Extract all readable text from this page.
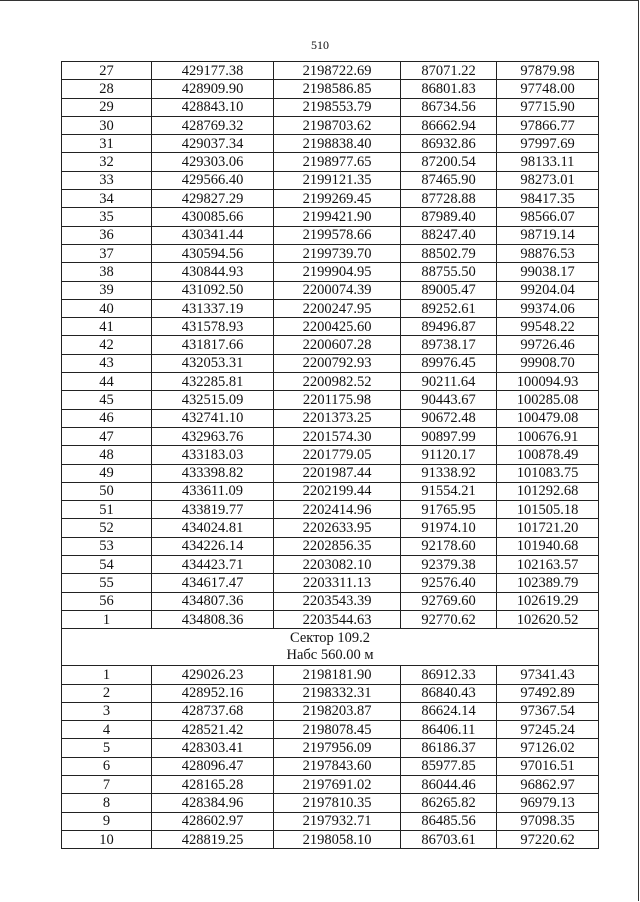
510
27	429177.38	2198722.69	87071.22	97879.98
28	428909.90	2198586.85	86801.83	97748.00
29	428843.10	2198553.79	86734.56	97715.90
30	428769.32	2198703.62	86662.94	97866.77
31	429037.34	2198838.40	86932.86	97997.69
32	429303.06	2198977.65	87200.54	98133.11
33	429566.40	2199121.35	87465.90	98273.01
34	429827.29	2199269.45	87728.88	98417.35
35	430085.66	2199421.90	87989.40	98566.07
36	430341.44	2199578.66	88247.40	98719.14
37	430594.56	2199739.70	88502.79	98876.53
38	430844.93	2199904.95	88755.50	99038.17
39	431092.50	2200074.39	89005.47	99204.04
40	431337.19	2200247.95	89252.61	99374.06
41	431578.93	2200425.60	89496.87	99548.22
42	431817.66	2200607.28	89738.17	99726.46
43	432053.31	2200792.93	89976.45	99908.70
44	432285.81	2200982.52	90211.64	100094.93
45	432515.09	2201175.98	90443.67	100285.08
46	432741.10	2201373.25	90672.48	100479.08
47	432963.76	2201574.30	90897.99	100676.91
48	433183.03	2201779.05	91120.17	100878.49
49	433398.82	2201987.44	91338.92	101083.75
50	433611.09	2202199.44	91554.21	101292.68
51	433819.77	2202414.96	91765.95	101505.18
52	434024.81	2202633.95	91974.10	101721.20
53	434226.14	2202856.35	92178.60	101940.68
54	434423.71	2203082.10	92379.38	102163.57
55	434617.47	2203311.13	92576.40	102389.79
56	434807.36	2203543.39	92769.60	102619.29
1	434808.36	2203544.63	92770.62	102620.52

Сектор 109.2
Набс 560.00 м				

1	429026.23	2198181.90	86912.33	97341.43
2	428952.16	2198332.31	86840.43	97492.89
3	428737.68	2198203.87	86624.14	97367.54
4	428521.42	2198078.45	86406.11	97245.24
5	428303.41	2197956.09	86186.37	97126.02
6	428096.47	2197843.60	85977.85	97016.51
7	428165.28	2197691.02	86044.46	96862.97
8	428384.96	2197810.35	86265.82	96979.13
9	428602.97	2197932.71	86485.56	97098.35
10	428819.25	2198058.10	86703.61	97220.62
